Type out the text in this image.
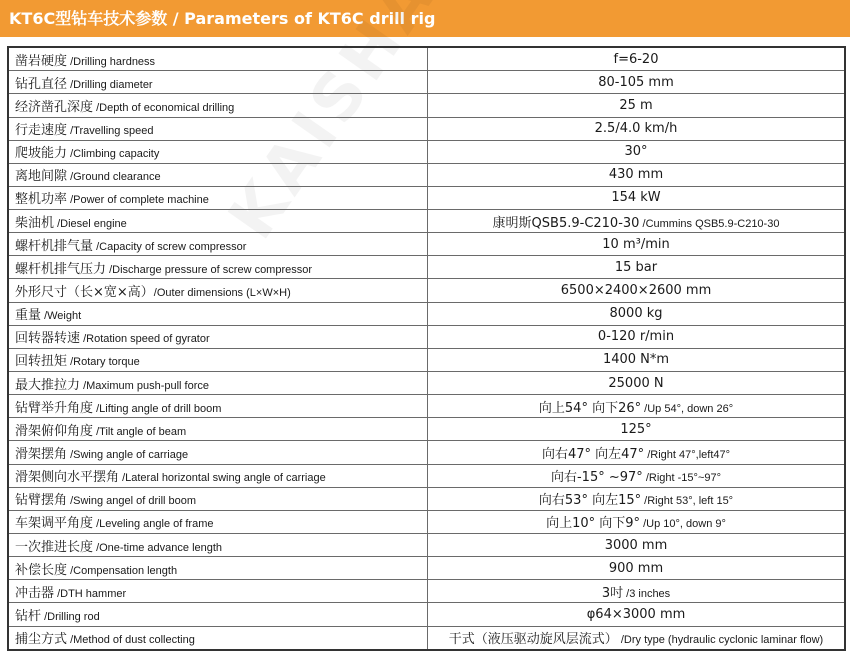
KT6C型钻车技术参数 / Parameters of KT6C drill rig
凿岩硬度 /Drilling hardness	f=6-20
钻孔直径 /Drilling diameter	80-105 mm
经济凿孔深度 /Depth of economical drilling	25 m
行走速度 /Travelling speed	2.5/4.0 km/h
爬坡能力 /Climbing capacity	30°
离地间隙 /Ground clearance	430 mm
整机功率 /Power of complete machine	154 kW
柴油机 /Diesel engine	康明斯QSB5.9-C210-30 /Cummins QSB5.9-C210-30
螺杆机排气量 /Capacity of screw compressor	10 m³/min
螺杆机排气压力 /Discharge pressure of screw compressor	15 bar
外形尺寸（长×宽×高）/Outer dimensions (L×W×H)	6500×2400×2600 mm
重量 /Weight	8000 kg
回转器转速 /Rotation speed of gyrator	0-120 r/min
回转扭矩 /Rotary torque	1400 N*m
最大推拉力 /Maximum push-pull force	25000 N
钻臂举升角度 /Lifting angle of drill boom	向上54° 向下26° /Up 54°, down 26°
滑架俯仰角度 /Tilt angle of beam	125°
滑架摆角 /Swing angle of carriage	向右47° 向左47° /Right 47°,left47°
滑架侧向水平摆角 /Lateral horizontal swing angle of carriage	向右-15° ~97° /Right -15°~97°
钻臂摆角 /Swing angel of drill boom	向右53° 向左15° /Right 53°, left 15°
车架调平角度 /Leveling angle of frame	向上10° 向下9° /Up 10°, down 9°
一次推进长度 /One-time advance length	3000 mm
补偿长度 /Compensation length	900 mm
冲击器 /DTH hammer	3吋 /3 inches
钻杆 /Drilling rod	φ64×3000 mm
捕尘方式 /Method of dust collecting	干式（液压驱动旋风层流式） /Dry type (hydraulic cyclonic laminar flow)
